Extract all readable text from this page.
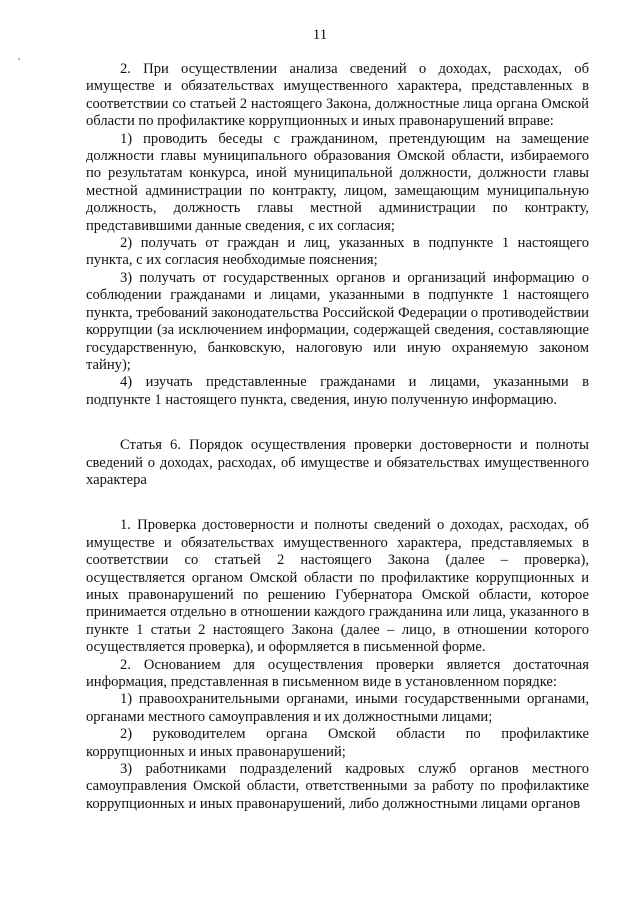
11

2. При осуществлении анализа сведений о доходах, расходах, об имуществе и обязательствах имущественного характера, представленных в соответствии со статьей 2 настоящего Закона, должностные лица органа Омской области по профилактике коррупционных и иных правонарушений вправе:

1) проводить беседы с гражданином, претендующим на замещение должности главы муниципального образования Омской области, избираемого по результатам конкурса, иной муниципальной должности, должности главы местной администрации по контракту, лицом, замещающим муниципальную должность, должность главы местной администрации по контракту, представившими данные сведения, с их согласия;

2) получать от граждан и лиц, указанных в подпункте 1 настоящего пункта, с их согласия необходимые пояснения;

3) получать от государственных органов и организаций информацию о соблюдении гражданами и лицами, указанными в подпункте 1 настоящего пункта, требований законодательства Российской Федерации о противодействии коррупции (за исключением информации, содержащей сведения, составляющие государственную, банковскую, налоговую или иную охраняемую законом тайну);

4) изучать представленные гражданами и лицами, указанными в подпункте 1 настоящего пункта, сведения, иную полученную информацию.

Статья 6. Порядок осуществления проверки достоверности и полноты сведений о доходах, расходах, об имуществе и обязательствах имущественного характера

1. Проверка достоверности и полноты сведений о доходах, расходах, об имуществе и обязательствах имущественного характера, представляемых в соответствии со статьей 2 настоящего Закона (далее – проверка), осуществляется органом Омской области по профилактике коррупционных и иных правонарушений по решению Губернатора Омской области, которое принимается отдельно в отношении каждого гражданина или лица, указанного в пункте 1 статьи 2 настоящего Закона (далее – лицо, в отношении которого осуществляется проверка), и оформляется в письменной форме.

2. Основанием для осуществления проверки является достаточная информация, представленная в письменном виде в установленном порядке:

1) правоохранительными органами, иными государственными органами, органами местного самоуправления и их должностными лицами;

2) руководителем органа Омской области по профилактике коррупционных и иных правонарушений;

3) работниками подразделений кадровых служб органов местного самоуправления Омской области, ответственными за работу по профилактике коррупционных и иных правонарушений, либо должностными лицами органов
